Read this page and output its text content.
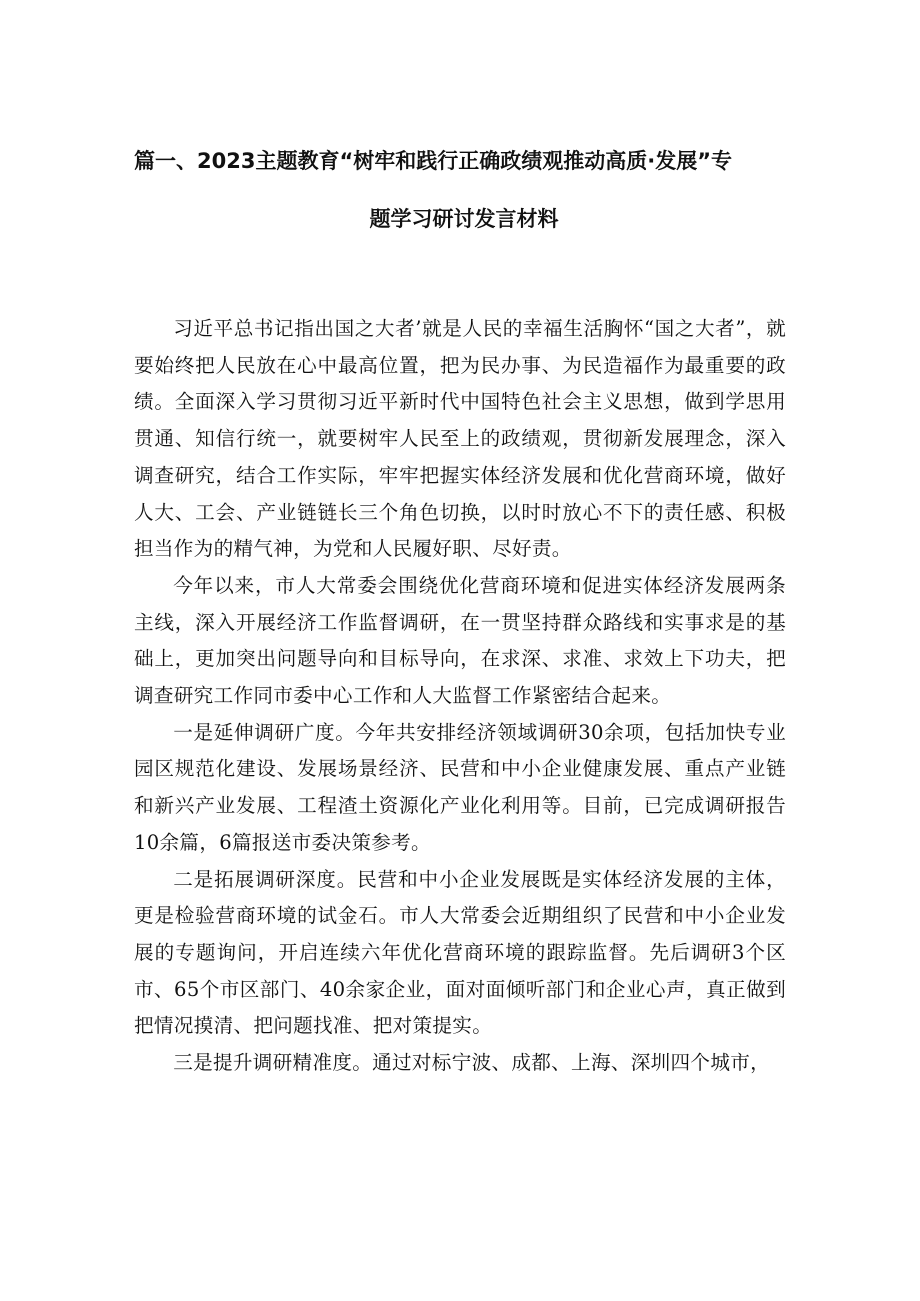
篇一、2023主题教育“树牢和践行正确政绩观推动高质·发展”专
题学习研讨发言材料

习近平总书记指出国之大者’就是人民的幸福生活胸怀“国之大者”，就要始终把人民放在心中最高位置，把为民办事、为民造福作为最重要的政绩。全面深入学习贯彻习近平新时代中国特色社会主义思想，做到学思用贯通、知信行统一，就要树牢人民至上的政绩观，贯彻新发展理念，深入调查研究，结合工作实际，牢牢把握实体经济发展和优化营商环境，做好人大、工会、产业链链长三个角色切换，以时时放心不下的责任感、积极担当作为的精气神，为党和人民履好职、尽好责。

今年以来，市人大常委会围绕优化营商环境和促进实体经济发展两条主线，深入开展经济工作监督调研，在一贯坚持群众路线和实事求是的基础上，更加突出问题导向和目标导向，在求深、求准、求效上下功夫，把调查研究工作同市委中心工作和人大监督工作紧密结合起来。

一是延伸调研广度。今年共安排经济领域调研30余项，包括加快专业园区规范化建设、发展场景经济、民营和中小企业健康发展、重点产业链和新兴产业发展、工程渣土资源化产业化利用等。目前，已完成调研报告10余篇，6篇报送市委决策参考。

二是拓展调研深度。民营和中小企业发展既是实体经济发展的主体，更是检验营商环境的试金石。市人大常委会近期组织了民营和中小企业发展的专题询问，开启连续六年优化营商环境的跟踪监督。先后调研3个区市、65个市区部门、40余家企业，面对面倾听部门和企业心声，真正做到把情况摸清、把问题找准、把对策提实。

三是提升调研精准度。通过对标宁波、成都、上海、深圳四个城市，
